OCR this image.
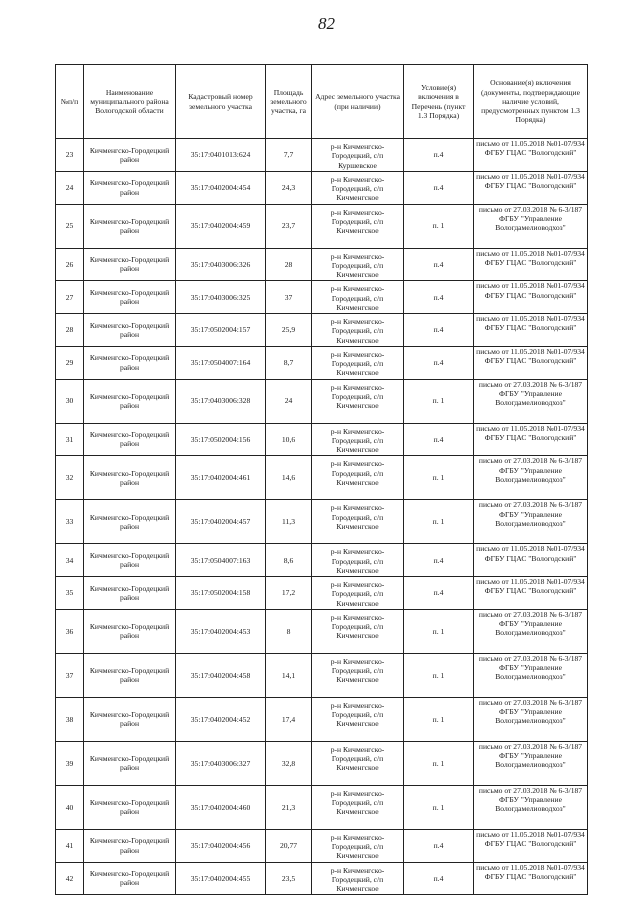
82
№п/п	Наименование муниципального района Вологодской области	Кадастровый номер земельного участка	Площадь земельного участка, га	Адрес земельного участка (при наличии)	Условие(я) включения в Перечень (пункт 1.3 Порядка)	Основание(я) включения (документы, подтверждающие наличие условий, предусмотренных пунктом 1.3 Порядка)
23	Кичменгско-Городецкий район	35:17:0401013:624	7,7	р-н Кичменгско-Городецкий, с/п Куршевское	п.4	письмо от 11.05.2018 №01-07/934 ФГБУ ГЦАС "Вологодский"
24	Кичменгско-Городецкий район	35:17:0402004:454	24,3	р-н Кичменгско-Городецкий, с/п Кичменгское	п.4	письмо от 11.05.2018 №01-07/934 ФГБУ ГЦАС "Вологодский"
25	Кичменгско-Городецкий район	35:17:0402004:459	23,7	р-н Кичменгско-Городецкий, с/п Кичменгское	п. 1	письмо от 27.03.2018 № 6-3/187 ФГБУ "Управление Вологдамелиоводхоз"
26	Кичменгско-Городецкий район	35:17:0403006:326	28	р-н Кичменгско-Городецкий, с/п Кичменгское	п.4	письмо от 11.05.2018 №01-07/934 ФГБУ ГЦАС "Вологодский"
27	Кичменгско-Городецкий район	35:17:0403006:325	37	р-н Кичменгско-Городецкий, с/п Кичменгское	п.4	письмо от 11.05.2018 №01-07/934 ФГБУ ГЦАС "Вологодский"
28	Кичменгско-Городецкий район	35:17:0502004:157	25,9	р-н Кичменгско-Городецкий, с/п Кичменгское	п.4	письмо от 11.05.2018 №01-07/934 ФГБУ ГЦАС "Вологодский"
29	Кичменгско-Городецкий район	35:17:0504007:164	8,7	р-н Кичменгско-Городецкий, с/п Кичменгское	п.4	письмо от 11.05.2018 №01-07/934 ФГБУ ГЦАС "Вологодский"
30	Кичменгско-Городецкий район	35:17:0403006:328	24	р-н Кичменгско-Городецкий, с/п Кичменгское	п. 1	письмо от 27.03.2018 № 6-3/187 ФГБУ "Управление Вологдамелиоводхоз"
31	Кичменгско-Городецкий район	35:17:0502004:156	10,6	р-н Кичменгско-Городецкий, с/п Кичменгское	п.4	письмо от 11.05.2018 №01-07/934 ФГБУ ГЦАС "Вологодский"
32	Кичменгско-Городецкий район	35:17:0402004:461	14,6	р-н Кичменгско-Городецкий, с/п Кичменгское	п. 1	письмо от 27.03.2018 № 6-3/187 ФГБУ "Управление Вологдамелиоводхоз"
33	Кичменгско-Городецкий район	35:17:0402004:457	11,3	р-н Кичменгско-Городецкий, с/п Кичменгское	п. 1	письмо от 27.03.2018 № 6-3/187 ФГБУ "Управление Вологдамелиоводхоз"
34	Кичменгско-Городецкий район	35:17:0504007:163	8,6	р-н Кичменгско-Городецкий, с/п Кичменгское	п.4	письмо от 11.05.2018 №01-07/934 ФГБУ ГЦАС "Вологодский"
35	Кичменгско-Городецкий район	35:17:0502004:158	17,2	р-н Кичменгско-Городецкий, с/п Кичменгское	п.4	письмо от 11.05.2018 №01-07/934 ФГБУ ГЦАС "Вологодский"
36	Кичменгско-Городецкий район	35:17:0402004:453	8	р-н Кичменгско-Городецкий, с/п Кичменгское	п. 1	письмо от 27.03.2018 № 6-3/187 ФГБУ "Управление Вологдамелиоводхоз"
37	Кичменгско-Городецкий район	35:17:0402004:458	14,1	р-н Кичменгско-Городецкий, с/п Кичменгское	п. 1	письмо от 27.03.2018 № 6-3/187 ФГБУ "Управление Вологдамелиоводхоз"
38	Кичменгско-Городецкий район	35:17:0402004:452	17,4	р-н Кичменгско-Городецкий, с/п Кичменгское	п. 1	письмо от 27.03.2018 № 6-3/187 ФГБУ "Управление Вологдамелиоводхоз"
39	Кичменгско-Городецкий район	35:17:0403006:327	32,8	р-н Кичменгско-Городецкий, с/п Кичменгское	п. 1	письмо от 27.03.2018 № 6-3/187 ФГБУ "Управление Вологдамелиоводхоз"
40	Кичменгско-Городецкий район	35:17:0402004:460	21,3	р-н Кичменгско-Городецкий, с/п Кичменгское	п. 1	письмо от 27.03.2018 № 6-3/187 ФГБУ "Управление Вологдамелиоводхоз"
41	Кичменгско-Городецкий район	35:17:0402004:456	20,77	р-н Кичменгско-Городецкий, с/п Кичменгское	п.4	письмо от 11.05.2018 №01-07/934 ФГБУ ГЦАС "Вологодский"
42	Кичменгско-Городецкий район	35:17:0402004:455	23,5	р-н Кичменгско-Городецкий, с/п Кичменгское	п.4	письмо от 11.05.2018 №01-07/934 ФГБУ ГЦАС "Вологодский"
